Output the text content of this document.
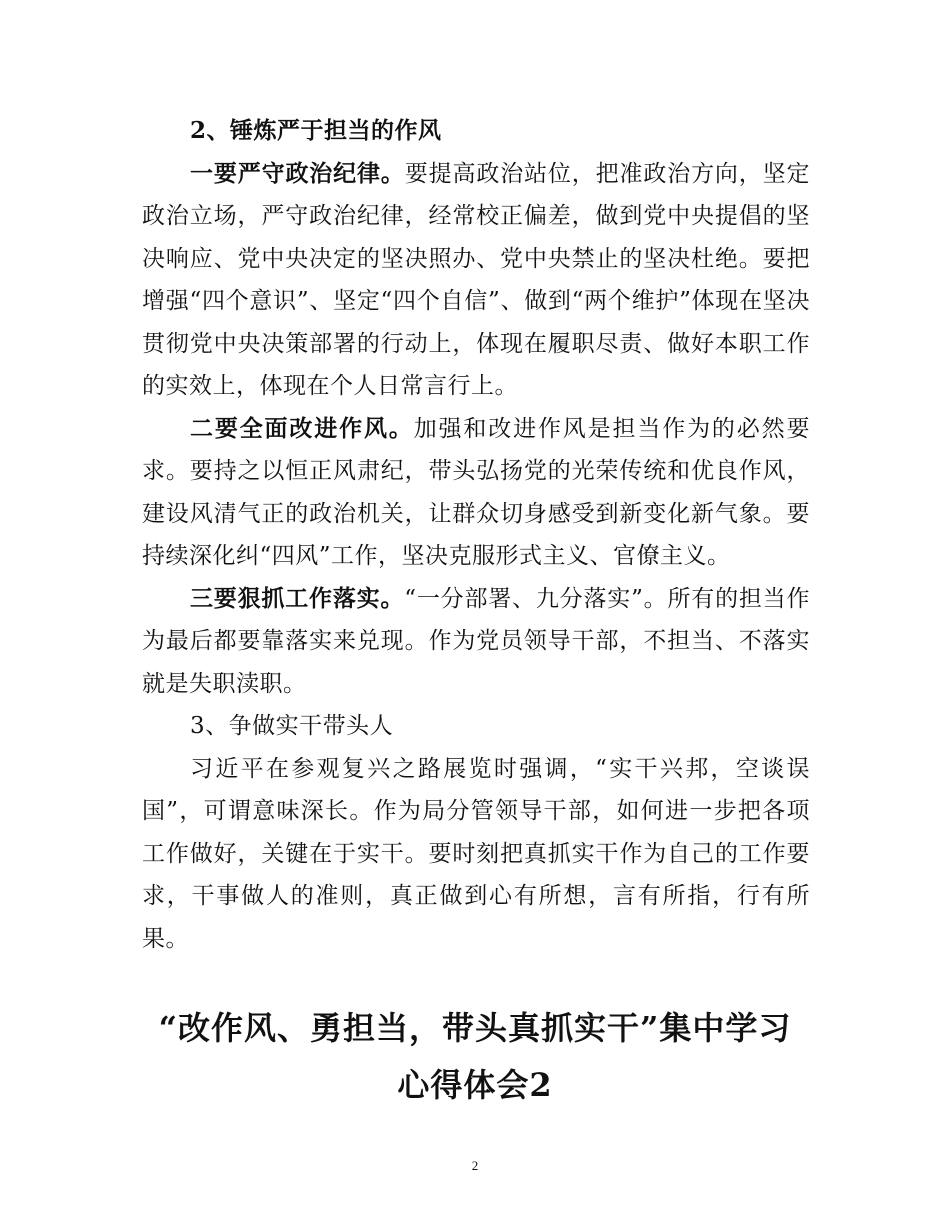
2、锤炼严于担当的作风

一要严守政治纪律。要提高政治站位，把准政治方向，坚定政治立场，严守政治纪律，经常校正偏差，做到党中央提倡的坚决响应、党中央决定的坚决照办、党中央禁止的坚决杜绝。要把增强“四个意识”、坚定“四个自信”、做到“两个维护”体现在坚决贯彻党中央决策部署的行动上，体现在履职尽责、做好本职工作的实效上，体现在个人日常言行上。

二要全面改进作风。加强和改进作风是担当作为的必然要求。要持之以恒正风肃纪，带头弘扬党的光荣传统和优良作风，建设风清气正的政治机关，让群众切身感受到新变化新气象。要持续深化纠“四风”工作，坚决克服形式主义、官僚主义。

三要狠抓工作落实。“一分部署、九分落实”。所有的担当作为最后都要靠落实来兑现。作为党员领导干部，不担当、不落实就是失职渎职。

3、争做实干带头人

习近平在参观复兴之路展览时强调，“实干兴邦，空谈误国”，可谓意味深长。作为局分管领导干部，如何进一步把各项工作做好，关键在于实干。要时刻把真抓实干作为自己的工作要求，干事做人的准则，真正做到心有所想，言有所指，行有所果。

“改作风、勇担当，带头真抓实干”集中学习
心得体会2
2
